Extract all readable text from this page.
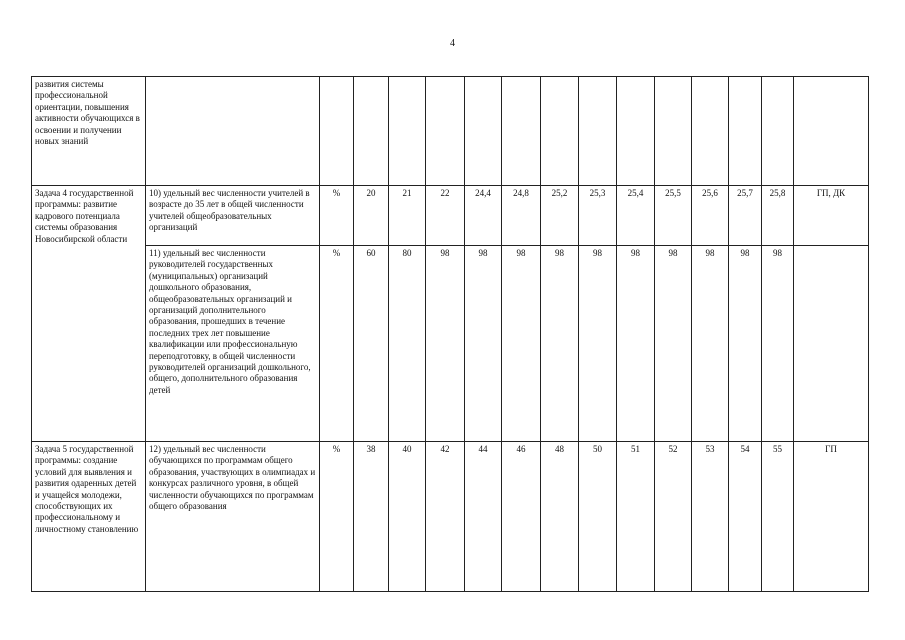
4
развития системы профессиональной ориентации, повышения активности обучающихся в освоении и получении новых знаний															
Задача 4 государственной программы: развитие кадрового потенциала системы образования Новосибирской области	10) удельный вес численности учителей в возрасте до 35 лет в общей численности учителей общеобразовательных организаций	%	20	21	22	24,4	24,8	25,2	25,3	25,4	25,5	25,6	25,7	25,8	ГП, ДК
	11) удельный вес численности руководителей государственных (муниципальных) организаций дошкольного образования, общеобразовательных организаций и организаций дополнительного образования, прошедших в течение последних трех лет повышение квалификации или профессиональную переподготовку, в общей численности руководителей организаций дошкольного, общего, дополнительного образования детей	%	60	80	98	98	98	98	98	98	98	98	98	98	
Задача 5 государственной программы: создание условий для выявления и развития одаренных детей и учащейся молодежи, способствующих их профессиональному и личностному становлению	12) удельный вес численности обучающихся по программам общего образования, участвующих в олимпиадах и конкурсах различного уровня, в общей численности обучающихся по программам общего образования	%	38	40	42	44	46	48	50	51	52	53	54	55	ГП
